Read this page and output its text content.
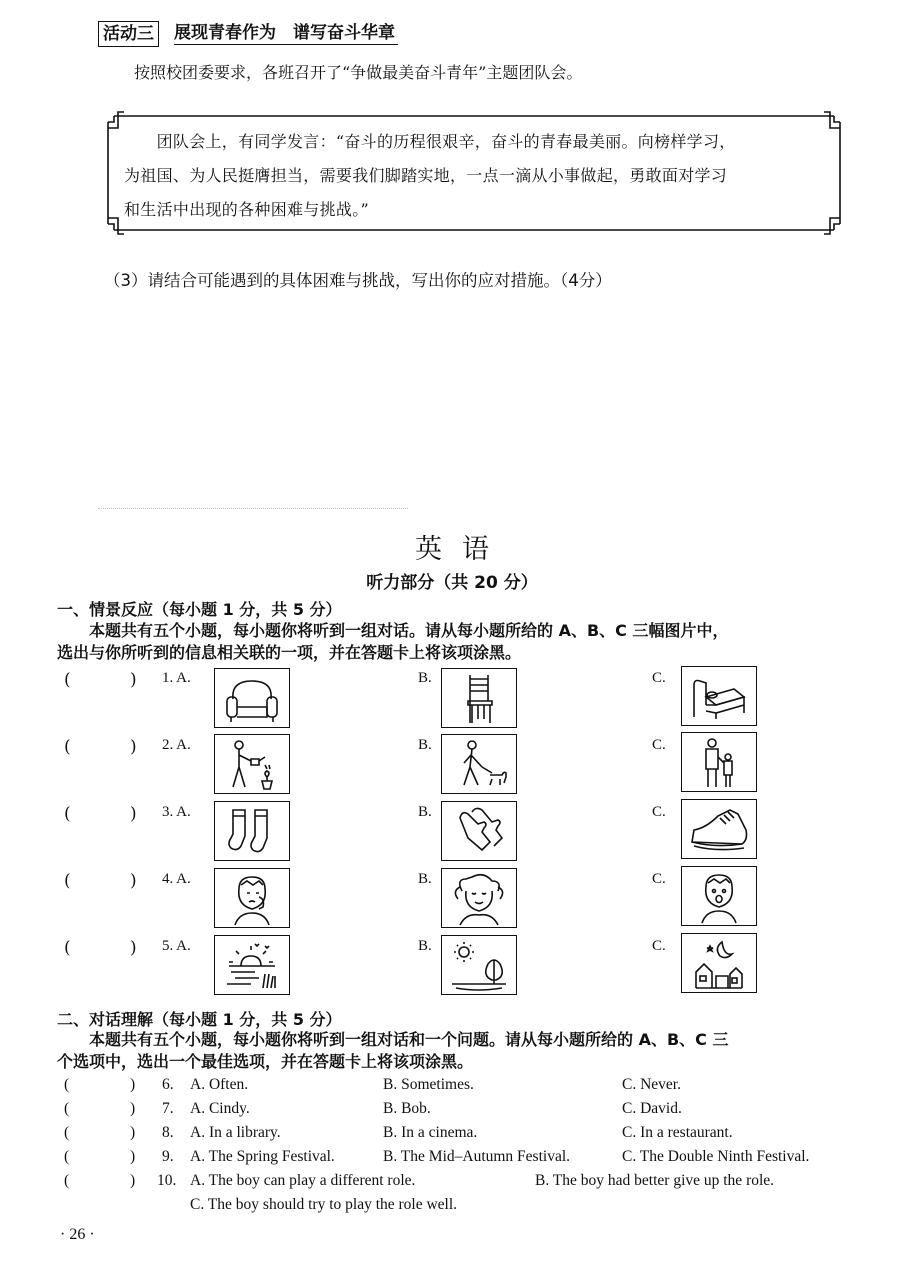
活动三 展现青春作为　谱写奋斗华章
按照校团委要求，各班召开了“争做最美奋斗青年”主题团队会。
　　团队会上，有同学发言：“奋斗的历程很艰辛，奋斗的青春最美丽。向榜样学习，
为祖国、为人民挺膺担当，需要我们脚踏实地，一点一滴从小事做起，勇敢面对学习
和生活中出现的各种困难与挑战。”
（3）请结合可能遇到的具体困难与挑战，写出你的应对措施。（4分）
英语
听力部分（共 20 分）
一、情景反应（每小题 1 分，共 5 分）
　　本题共有五个小题，每小题你将听到一组对话。请从每小题所给的 A、B、C 三幅图片中，
选出与你所听到的信息相关联的一项，并在答题卡上将该项涂黑。
(	) 1. A.	B.	C.
(	) 2. A.	B.	C.
(	) 3. A.	B.	C.
(	) 4. A.	B.	C.
(	) 5. A.	B.	C.
二、对话理解（每小题 1 分，共 5 分）
　　本题共有五个小题，每小题你将听到一组对话和一个问题。请从每小题所给的 A、B、C 三
个选项中，选出一个最佳选项，并在答题卡上将该项涂黑。
(	) 6. A. Often.	B. Sometimes.	C. Never.
(	) 7. A. Cindy.	B. Bob.	C. David.
(	) 8. A. In a library.	B. In a cinema.	C. In a restaurant.
(	) 9. A. The Spring Festival.	B. The Mid–Autumn Festival.	C. The Double Ninth Festival.
(	) 10. A. The boy can play a different role.	B. The boy had better give up the role.
C. The boy should try to play the role well.
· 26 ·
